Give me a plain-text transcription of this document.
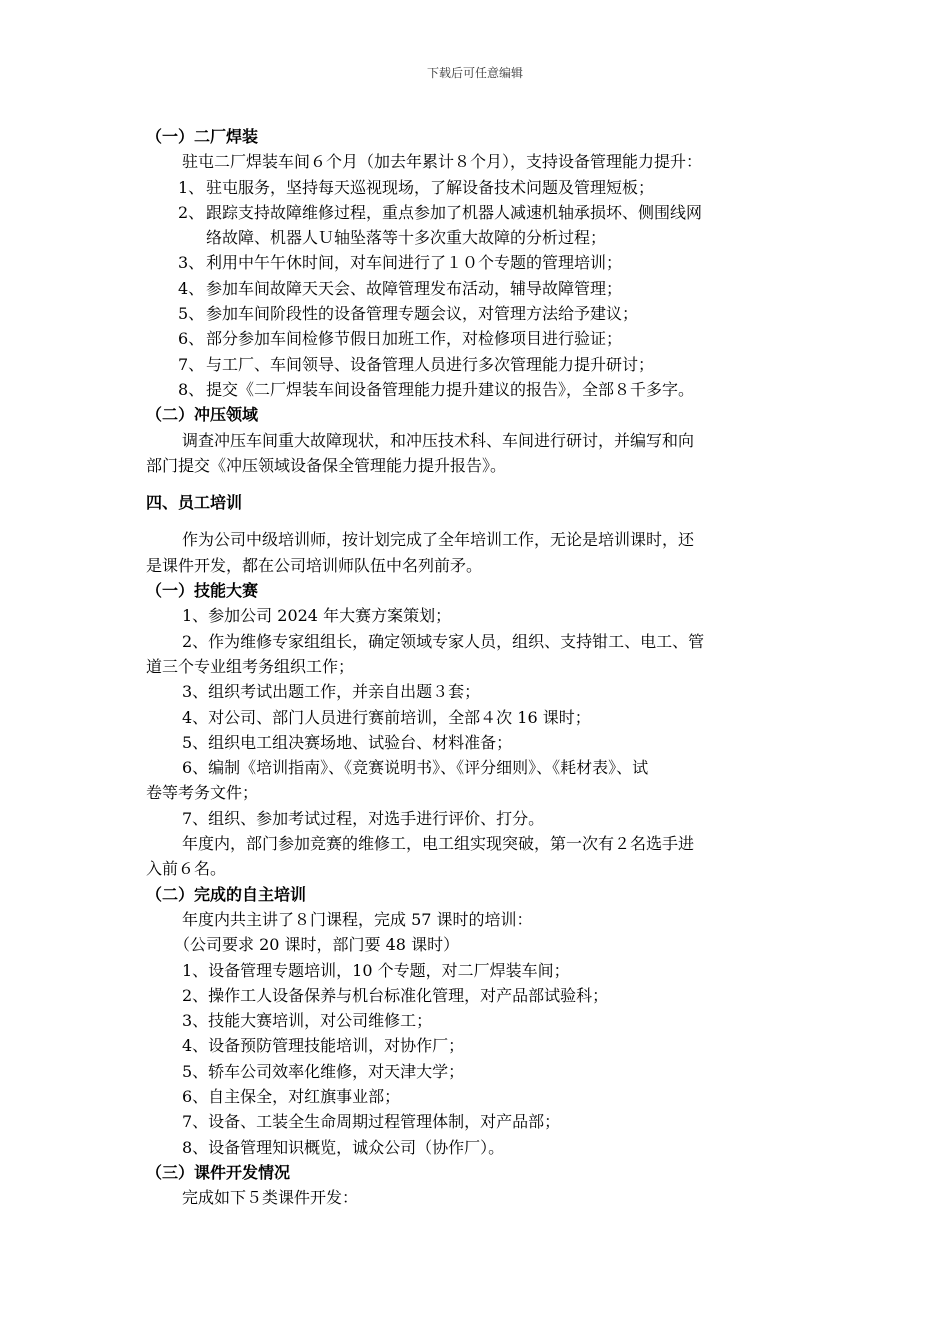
下载后可任意编辑
（一）二厂焊装
驻屯二厂焊装车间６个月（加去年累计８个月），支持设备管理能力提升：
1、 驻屯服务，坚持每天巡视现场，了解设备技术问题及管理短板；
2、 跟踪支持故障维修过程，重点参加了机器人减速机轴承损坏、侧围线网
络故障、机器人Ｕ轴坠落等十多次重大故障的分析过程；
3、 利用中午午休时间，对车间进行了１０个专题的管理培训；
4、 参加车间故障天天会、故障管理发布活动，辅导故障管理；
5、 参加车间阶段性的设备管理专题会议，对管理方法给予建议；
6、 部分参加车间检修节假日加班工作，对检修项目进行验证；
7、 与工厂、车间领导、设备管理人员进行多次管理能力提升研讨；
8、 提交《二厂焊装车间设备管理能力提升建议的报告》，全部８千多字。
（二）冲压领域
调查冲压车间重大故障现状，和冲压技术科、车间进行研讨，并编写和向
部门提交《冲压领域设备保全管理能力提升报告》。
四、员工培训
作为公司中级培训师，按计划完成了全年培训工作，无论是培训课时，还
是课件开发，都在公司培训师队伍中名列前矛。
（一）技能大赛
1、参加公司 2024 年大赛方案策划；
2、作为维修专家组组长，确定领域专家人员，组织、支持钳工、电工、管
道三个专业组考务组织工作；
3、组织考试出题工作，并亲自出题３套；
4、对公司、部门人员进行赛前培训，全部４次 16 课时；
5、组织电工组决赛场地、试验台、材料准备；
6、编制《培训指南》、《竞赛说明书》、《评分细则》、《耗材表》、试
卷等考务文件；
7、组织、参加考试过程，对选手进行评价、打分。
年度内，部门参加竞赛的维修工，电工组实现突破，第一次有２名选手进
入前６名。
（二）完成的自主培训
年度内共主讲了８门课程，完成 57 课时的培训：
（公司要求 20 课时，部门要 48 课时）
1、设备管理专题培训，10 个专题，对二厂焊装车间；
2、操作工人设备保养与机台标准化管理，对产品部试验科；
3、技能大赛培训，对公司维修工；
4、设备预防管理技能培训，对协作厂；
5、轿车公司效率化维修，对天津大学；
6、自主保全，对红旗事业部；
7、设备、工装全生命周期过程管理体制，对产品部；
8、设备管理知识概览，诚众公司（协作厂）。
（三）课件开发情况
完成如下５类课件开发：
